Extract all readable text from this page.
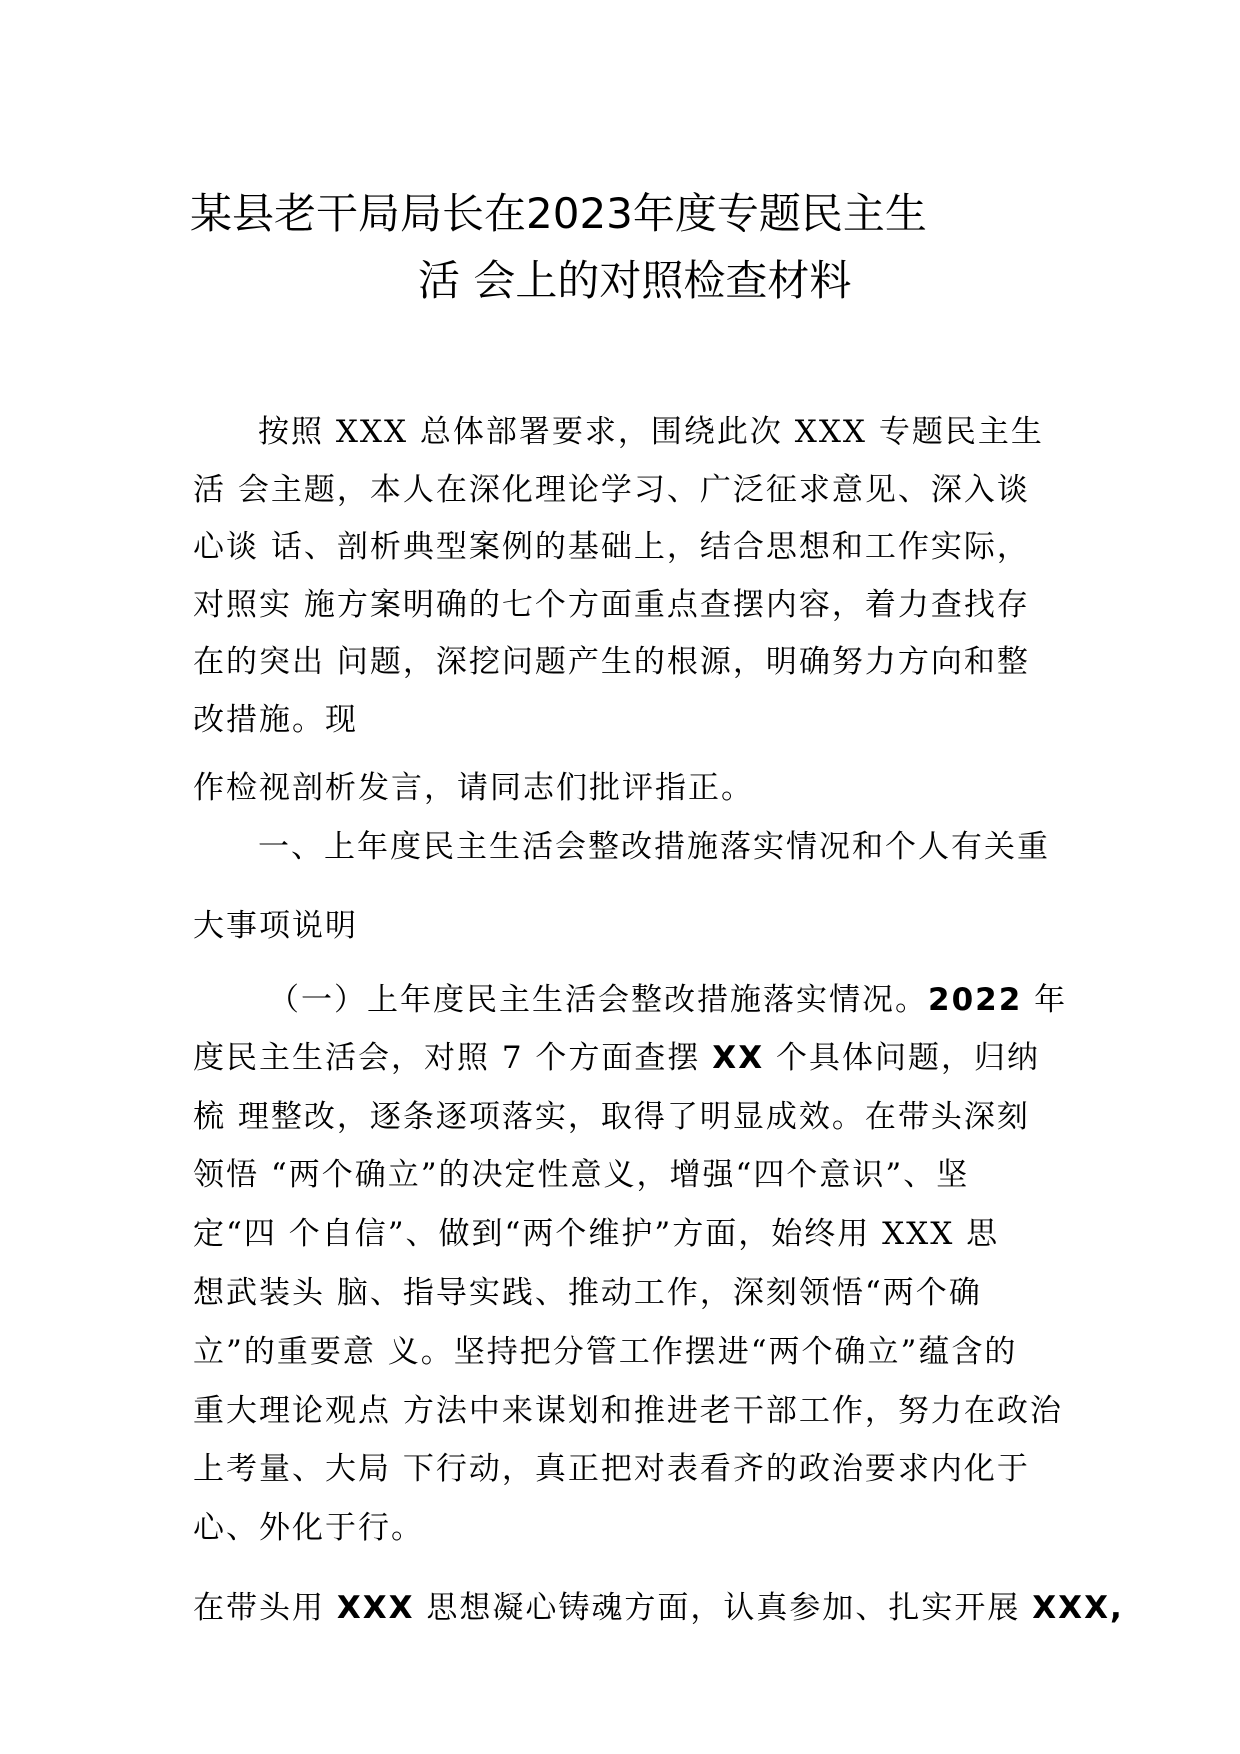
某县老干局局长在2023年度专题民主生
活 会上的对照检查材料
按照 XXX 总体部署要求，围绕此次 XXX 专题民主生
活 会主题，本人在深化理论学习、广泛征求意见、深入谈
心谈 话、剖析典型案例的基础上，结合思想和工作实际，
对照实 施方案明确的七个方面重点查摆内容，着力查找存
在的突出 问题，深挖问题产生的根源，明确努力方向和整
改措施。现
作检视剖析发言，请同志们批评指正。
一、上年度民主生活会整改措施落实情况和个人有关重
大事项说明
（一）上年度民主生活会整改措施落实情况。2022 年
度民主生活会，对照 7 个方面查摆 XX 个具体问题，归纳
梳 理整改，逐条逐项落实，取得了明显成效。在带头深刻
领悟 “两个确立”的决定性意义，增强“四个意识”、坚
定“四 个自信”、做到“两个维护”方面，始终用 XXX 思
想武装头 脑、指导实践、推动工作，深刻领悟“两个确
立”的重要意 义。坚持把分管工作摆进“两个确立”蕴含的
重大理论观点 方法中来谋划和推进老干部工作，努力在政治
上考量、大局 下行动，真正把对表看齐的政治要求内化于
心、外化于行。
在带头用 XXX 思想凝心铸魂方面，认真参加、扎实开展 XXX,
